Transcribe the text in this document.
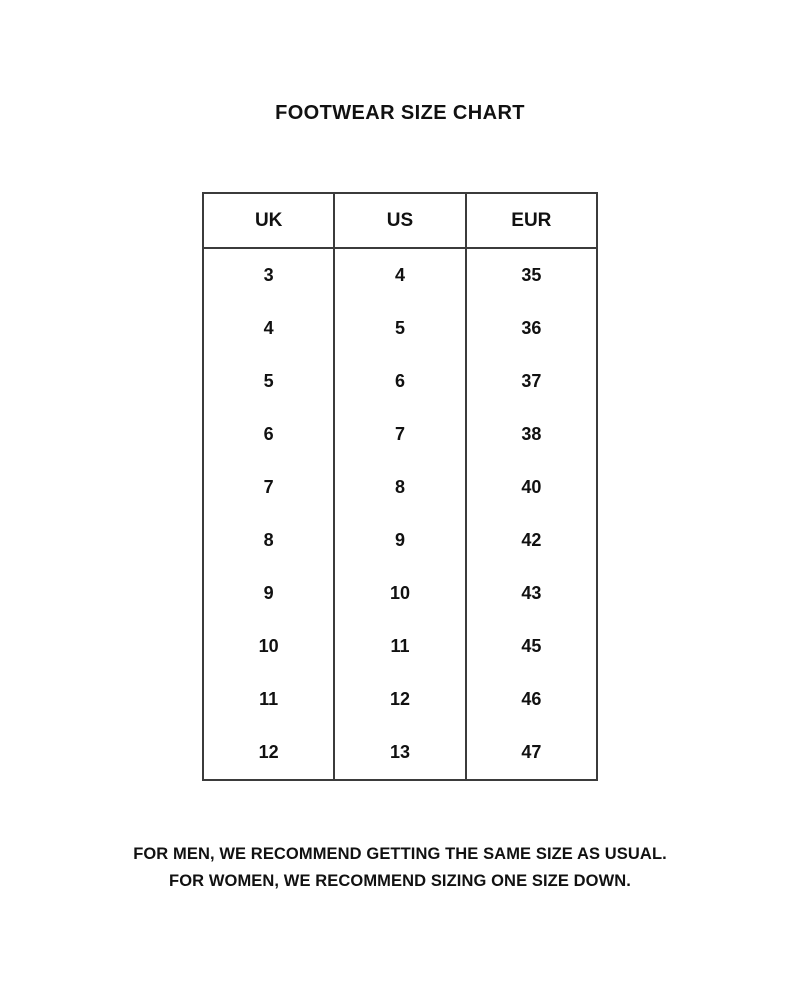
FOOTWEAR SIZE CHART
UK	US	EUR
3	4	35
4	5	36
5	6	37
6	7	38
7	8	40
8	9	42
9	10	43
10	11	45
11	12	46
12	13	47
FOR MEN, WE RECOMMEND GETTING THE SAME SIZE AS USUAL.
FOR WOMEN, WE RECOMMEND SIZING ONE SIZE DOWN.
